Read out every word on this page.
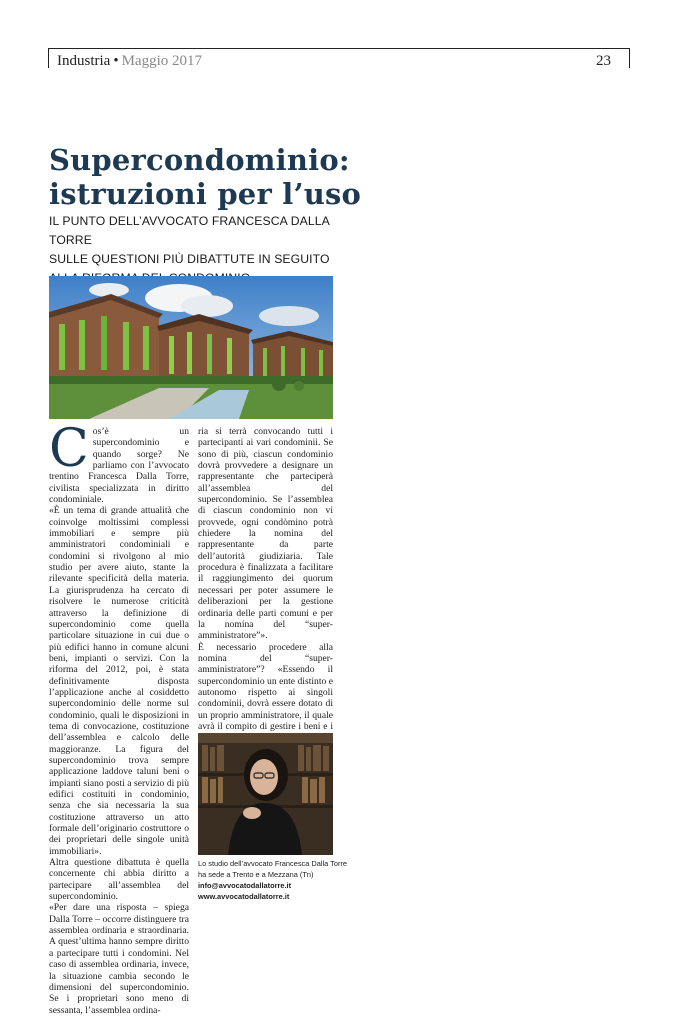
Industria • Maggio 2017	23
Supercondominio:
istruzioni per l’uso
IL PUNTO DELL’AVVOCATO FRANCESCA DALLA TORRE
SULLE QUESTIONI PIÙ DIBATTUTE IN SEGUITO
C os’è un supercondominio e quando sorge? Ne parliamo con l’avvocato trentino Francesca Dalla Torre, civilista specializzata in diritto condominiale.

«È un tema di grande attualità che coinvolge moltissimi complessi immobiliari e sempre più amministratori condominiali e condomini si rivolgono al mio studio per avere aiuto, stante la rilevante specificità della materia. La giurisprudenza ha cercato di risolvere le numerose criticità attraverso la definizione di supercondominio come quella particolare situazione in cui due o più edifici hanno in comune alcuni beni, impianti o servizi. Con la riforma del 2012, poi, è stata definitivamente disposta l’applicazione anche al cosiddetto supercondominio delle norme sul condominio, quali le disposizioni in tema di convocazione, costituzione dell’assemblea e calcolo delle maggioranze. La figura del supercondominio trova sempre applicazione laddove taluni beni o impianti siano posti a servizio di più edifici costituiti in condominio, senza che sia necessaria la sua costituzione attraverso un atto formale dell’originario costruttore o dei proprietari delle singole unità immobiliari».

Altra questione dibattuta è quella concernente chi abbia diritto a partecipare all’assemblea del supercondominio.

«Per dare una risposta – spiega Dalla Torre – occorre distinguere tra assemblea ordinaria e straordinaria. A quest’ultima hanno sempre diritto a partecipare tutti i condomini. Nel caso di assemblea ordinaria, invece, la situazione cambia secondo le dimensioni del supercondominio. Se i proprietari sono meno di sessanta, l’assemblea ordina-

ria si terrà convocando tutti i partecipanti ai vari condominii. Se sono di più, ciascun condominio dovrà provvedere a designare un rappresentante che parteciperà all’assemblea del supercondominio. Se l’assemblea di ciascun condominio non vi provvede, ogni condòmino potrà chiedere la nomina del rappresentante da parte dell’autorità giudiziaria. Tale procedura è finalizzata a facilitare il raggiungimento dei quorum necessari per poter assumere le deliberazioni per la gestione ordinaria delle parti comuni e per la nomina del “super-amministratore”».

È necessario procedere alla nomina del “super-amministratore”? «Essendo il supercondominio un ente distinto e autonomo rispetto ai singoli condominii, dovrà essere dotato di un proprio amministratore, il quale avrà il compito di gestire i beni e i

Lo studio dell’avvocato Francesca Dalla Torre
ha sede a Trento e a Mezzana (Tn)
info@avvocatodallatorre.it
www.avvocatodallatorre.it
